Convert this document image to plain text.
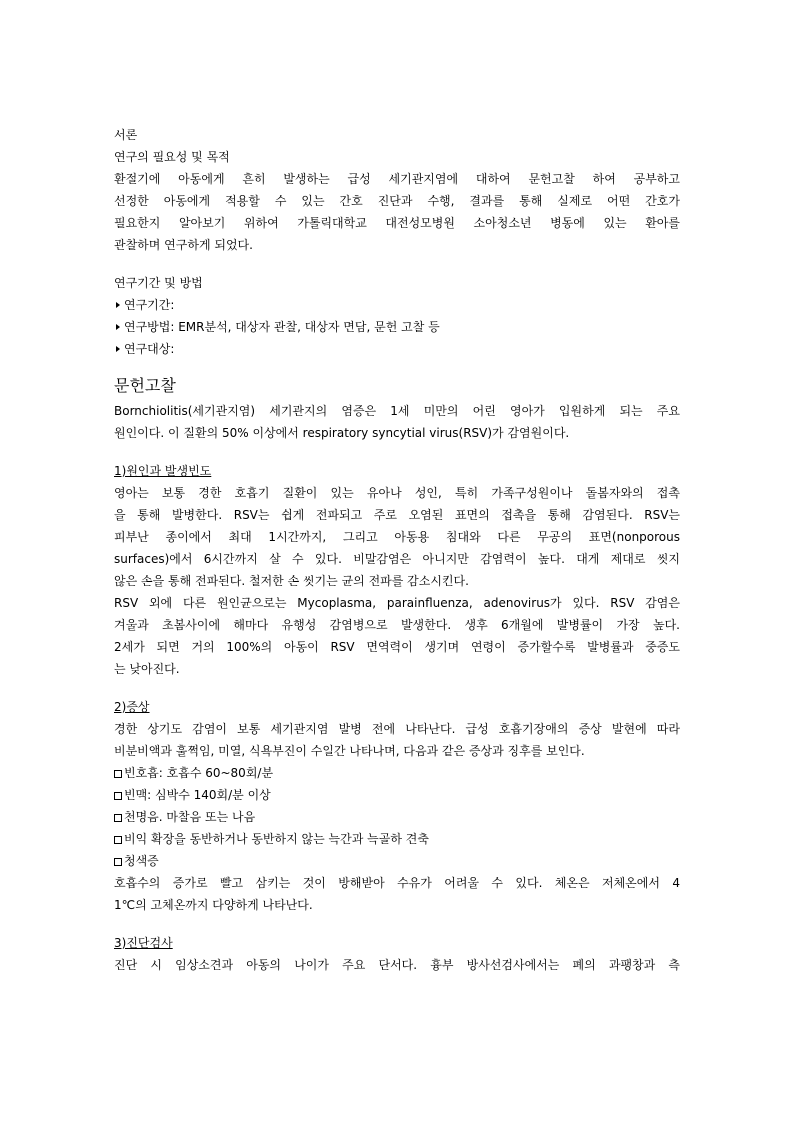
서론
연구의 필요성 및 목적
환절기에 아동에게 흔히 발생하는 급성 세기관지염에 대하여 문헌고찰 하여 공부하고
선정한 아동에게 적용할 수 있는 간호 진단과 수행, 결과를 통해 실제로 어떤 간호가
필요한지 알아보기 위하여 가톨릭대학교 대전성모병원 소아청소년 병동에 있는 환아를
관찰하며 연구하게 되었다.
연구기간 및 방법
연구기간:
연구방법: EMR분석, 대상자 관찰, 대상자 면담, 문헌 고찰 등
연구대상:
문헌고찰
Bornchiolitis(세기관지염) 세기관지의 염증은 1세 미만의 어린 영아가 입원하게 되는 주요
원인이다. 이 질환의 50% 이상에서 respiratory syncytial virus(RSV)가 감염원이다.
1)원인과 발생빈도
영아는 보통 경한 호흡기 질환이 있는 유아나 성인, 특히 가족구성원이나 돌봄자와의 접촉
을 통해 발병한다. RSV는 쉽게 전파되고 주로 오염된 표면의 접촉을 통해 감염된다. RSV는
피부난 종이에서 최대 1시간까지, 그리고 아동용 침대와 다른 무공의 표면(nonporous
surfaces)에서 6시간까지 살 수 있다. 비말감염은 아니지만 감염력이 높다. 대게 제대로 씻지
않은 손을 통해 전파된다. 철저한 손 씻기는 균의 전파를 감소시킨다.
RSV 외에 다른 원인균으로는 Mycoplasma, parainfluenza, adenovirus가 있다. RSV 감염은
겨울과 초봄사이에 해마다 유행성 감염병으로 발생한다. 생후 6개월에 발병률이 가장 높다.
2세가 되면 거의 100%의 아동이 RSV 면역력이 생기며 연령이 증가할수록 발병률과 중증도
는 낮아진다.
2)증상
경한 상기도 감염이 보통 세기관지염 발병 전에 나타난다. 급성 호흡기장애의 증상 발현에 따라
비분비액과 훌쩍임, 미열, 식욕부진이 수일간 나타나며, 다음과 같은 증상과 징후를 보인다.
빈호흡: 호흡수 60~80회/분
빈맥: 심박수 140회/분 이상
천명음. 마찰음 또는 나음
비익 확장을 동반하거나 동반하지 않는 늑간과 늑골하 견축
청색증
호흡수의 증가로 빨고 삼키는 것이 방해받아 수유가 어려울 수 있다. 체온은 저체온에서 4
1℃의 고체온까지 다양하게 나타난다.
3)진단검사
진단 시 임상소견과 아동의 나이가 주요 단서다. 흉부 방사선검사에서는 폐의 과팽창과 측
